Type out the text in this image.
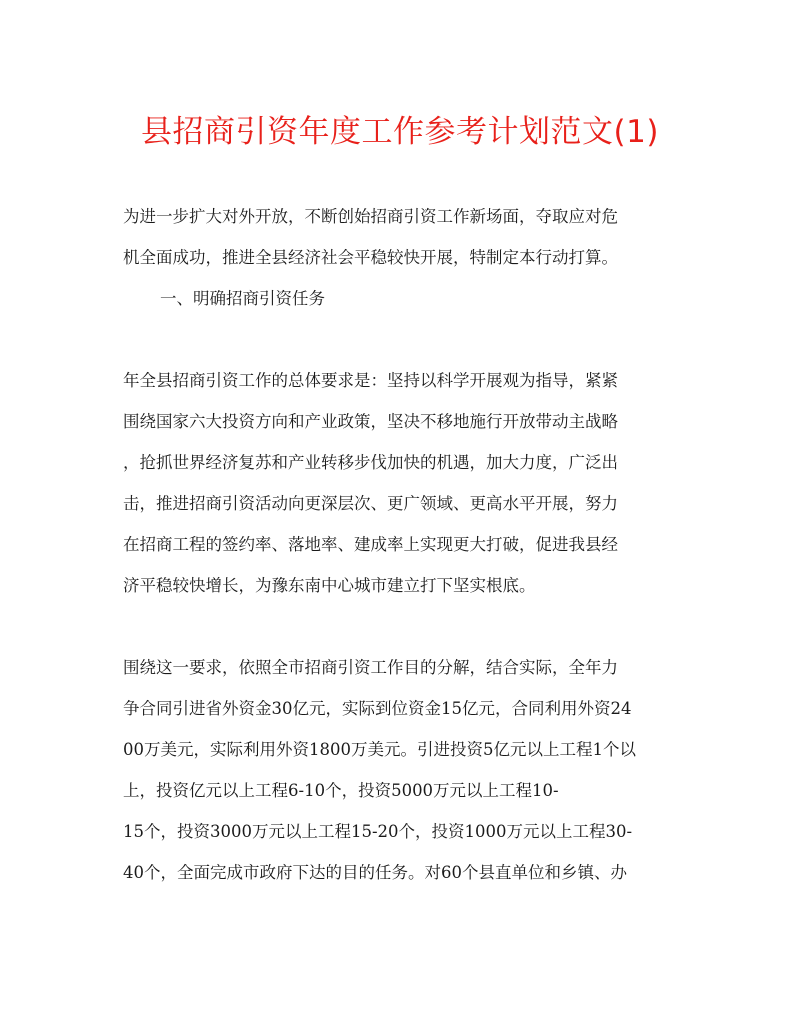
县招商引资年度工作参考计划范文(1)
为进一步扩大对外开放，不断创始招商引资工作新场面，夺取应对危
机全面成功，推进全县经济社会平稳较快开展，特制定本行动打算。
一、明确招商引资任务
年全县招商引资工作的总体要求是：坚持以科学开展观为指导，紧紧
围绕国家六大投资方向和产业政策，坚决不移地施行开放带动主战略
，抢抓世界经济复苏和产业转移步伐加快的机遇，加大力度，广泛出
击，推进招商引资活动向更深层次、更广领域、更高水平开展，努力
在招商工程的签约率、落地率、建成率上实现更大打破，促进我县经
济平稳较快增长，为豫东南中心城市建立打下坚实根底。
围绕这一要求，依照全市招商引资工作目的分解，结合实际，全年力
争合同引进省外资金30亿元，实际到位资金15亿元，合同利用外资24
00万美元，实际利用外资1800万美元。引进投资5亿元以上工程1个以
上，投资亿元以上工程6-10个，投资5000万元以上工程10-
15个，投资3000万元以上工程15-20个，投资1000万元以上工程30-
40个，全面完成市政府下达的目的任务。对60个县直单位和乡镇、办
